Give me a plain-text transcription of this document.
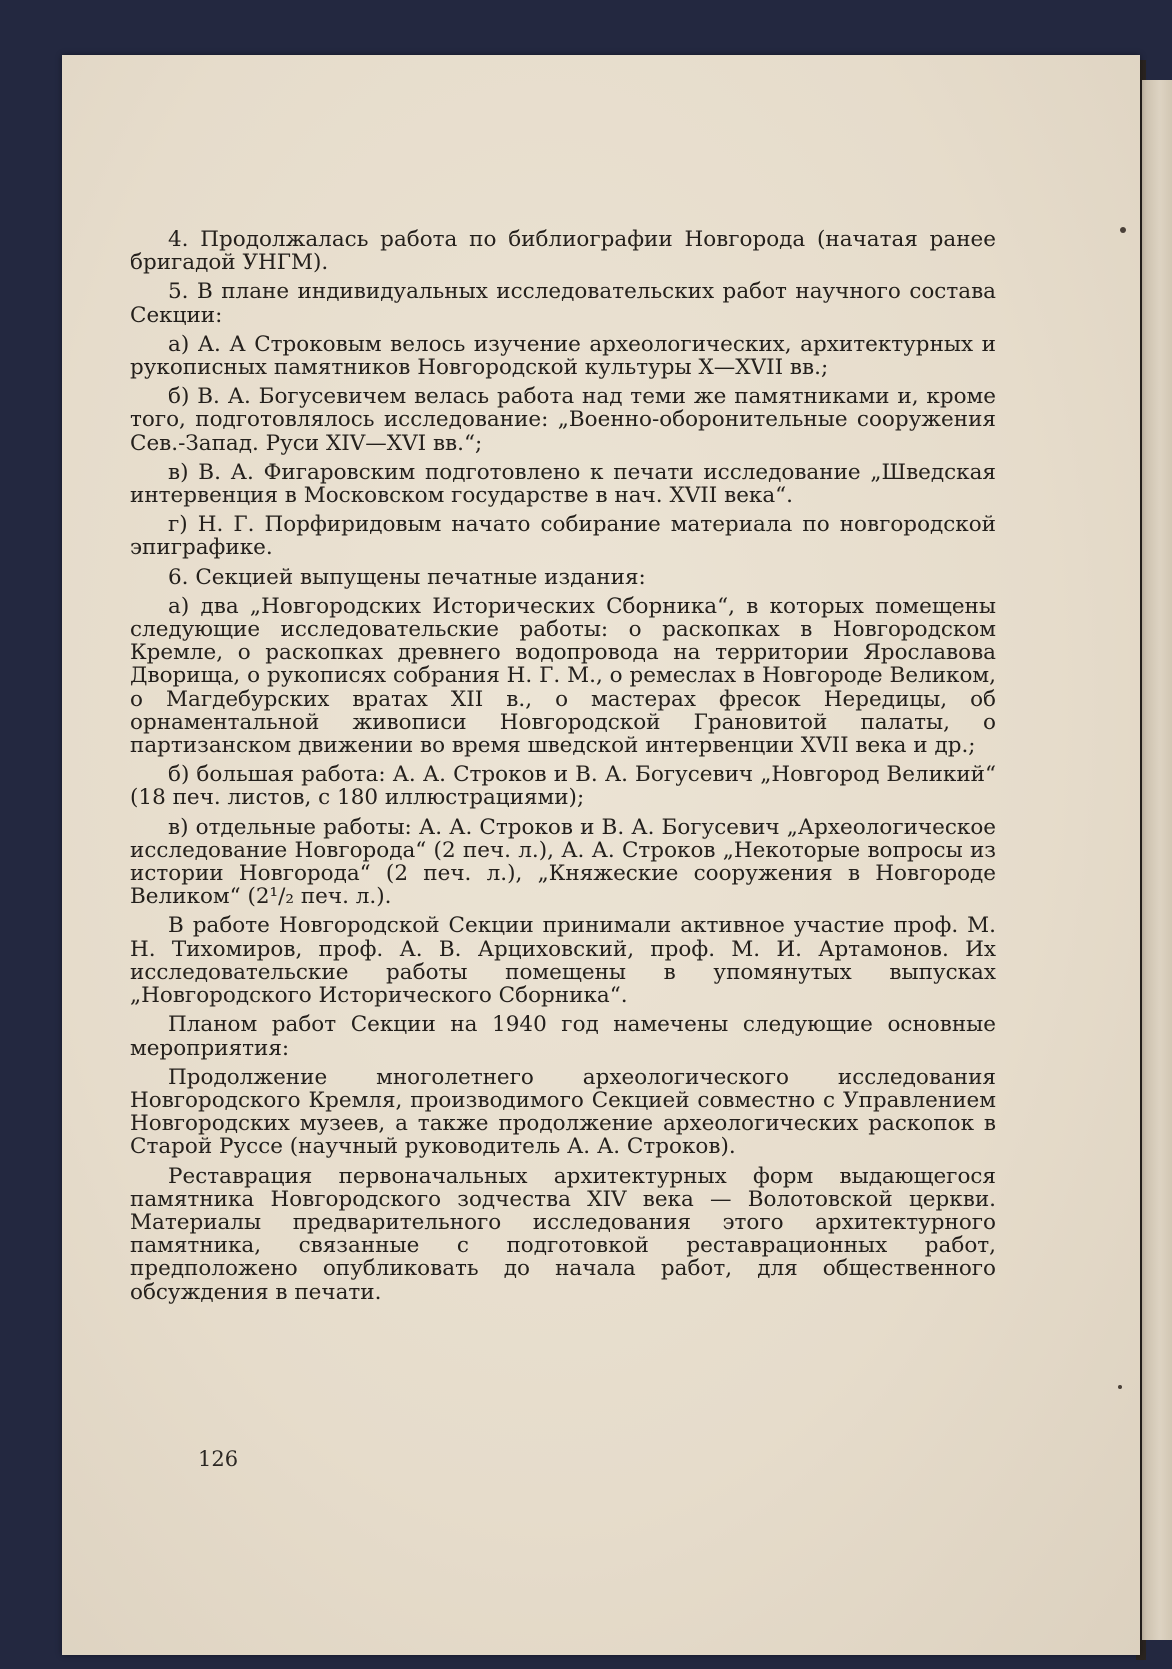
4. Продолжалась работа по библиографии Новгорода (начатая ранее бригадой УНГМ).

5. В плане индивидуальных исследовательских работ научного состава Секции:

а) А. А Строковым велось изучение археологических, архитектурных и рукописных памятников Новгородской культуры X—XVII вв.;

б) В. А. Богусевичем велась работа над теми же памятниками и, кроме того, подготовлялось исследование: „Военно-оборонительные сооружения Сев.-Запад. Руси XIV—XVI вв.“;

в) В. А. Фигаровским подготовлено к печати исследование „Шведская интервенция в Московском государстве в нач. XVII века“.

г) Н. Г. Порфиридовым начато собирание материала по новгородской эпиграфике.

6. Секцией выпущены печатные издания:

а) два „Новгородских Исторических Сборника“, в которых помещены следующие исследовательские работы: о раскопках в Новгородском Кремле, о раскопках древнего водопровода на территории Ярославова Дворища, о рукописях собрания Н. Г. М., о ремеслах в Новгороде Великом, о Магдебурских вратах XII в., о мастерах фресок Нередицы, об орнаментальной живописи Новгородской Грановитой палаты, о партизанском движении во время шведской интервенции XVII века и др.;

б) большая работа: А. А. Строков и В. А. Богусевич „Новгород Великий“ (18 печ. листов, с 180 иллюстрациями);

в) отдельные работы: А. А. Строков и В. А. Богусевич „Археологическое исследование Новгорода“ (2 печ. л.), А. А. Строков „Некоторые вопросы из истории Новгорода“ (2 печ. л.), „Княжеские сооружения в Новгороде Великом“ (2¹/₂ печ. л.).

В работе Новгородской Секции принимали активное участие проф. М. Н. Тихомиров, проф. А. В. Арциховский, проф. М. И. Артамонов. Их исследовательские работы помещены в упомянутых выпусках „Новгородского Исторического Сборника“.

Планом работ Секции на 1940 год намечены следующие основные мероприятия:

Продолжение многолетнего археологического исследования Новгородского Кремля, производимого Секцией совместно с Управлением Новгородских музеев, а также продолжение археологических раскопок в Старой Руссе (научный руководитель А. А. Строков).

Реставрация первоначальных архитектурных форм выдающегося памятника Новгородского зодчества XIV века — Волотовской церкви. Материалы предварительного исследования этого архитектурного памятника, связанные с подготовкой реставрационных работ, предположено опубликовать до начала работ, для общественного обсуждения в печати.

126
